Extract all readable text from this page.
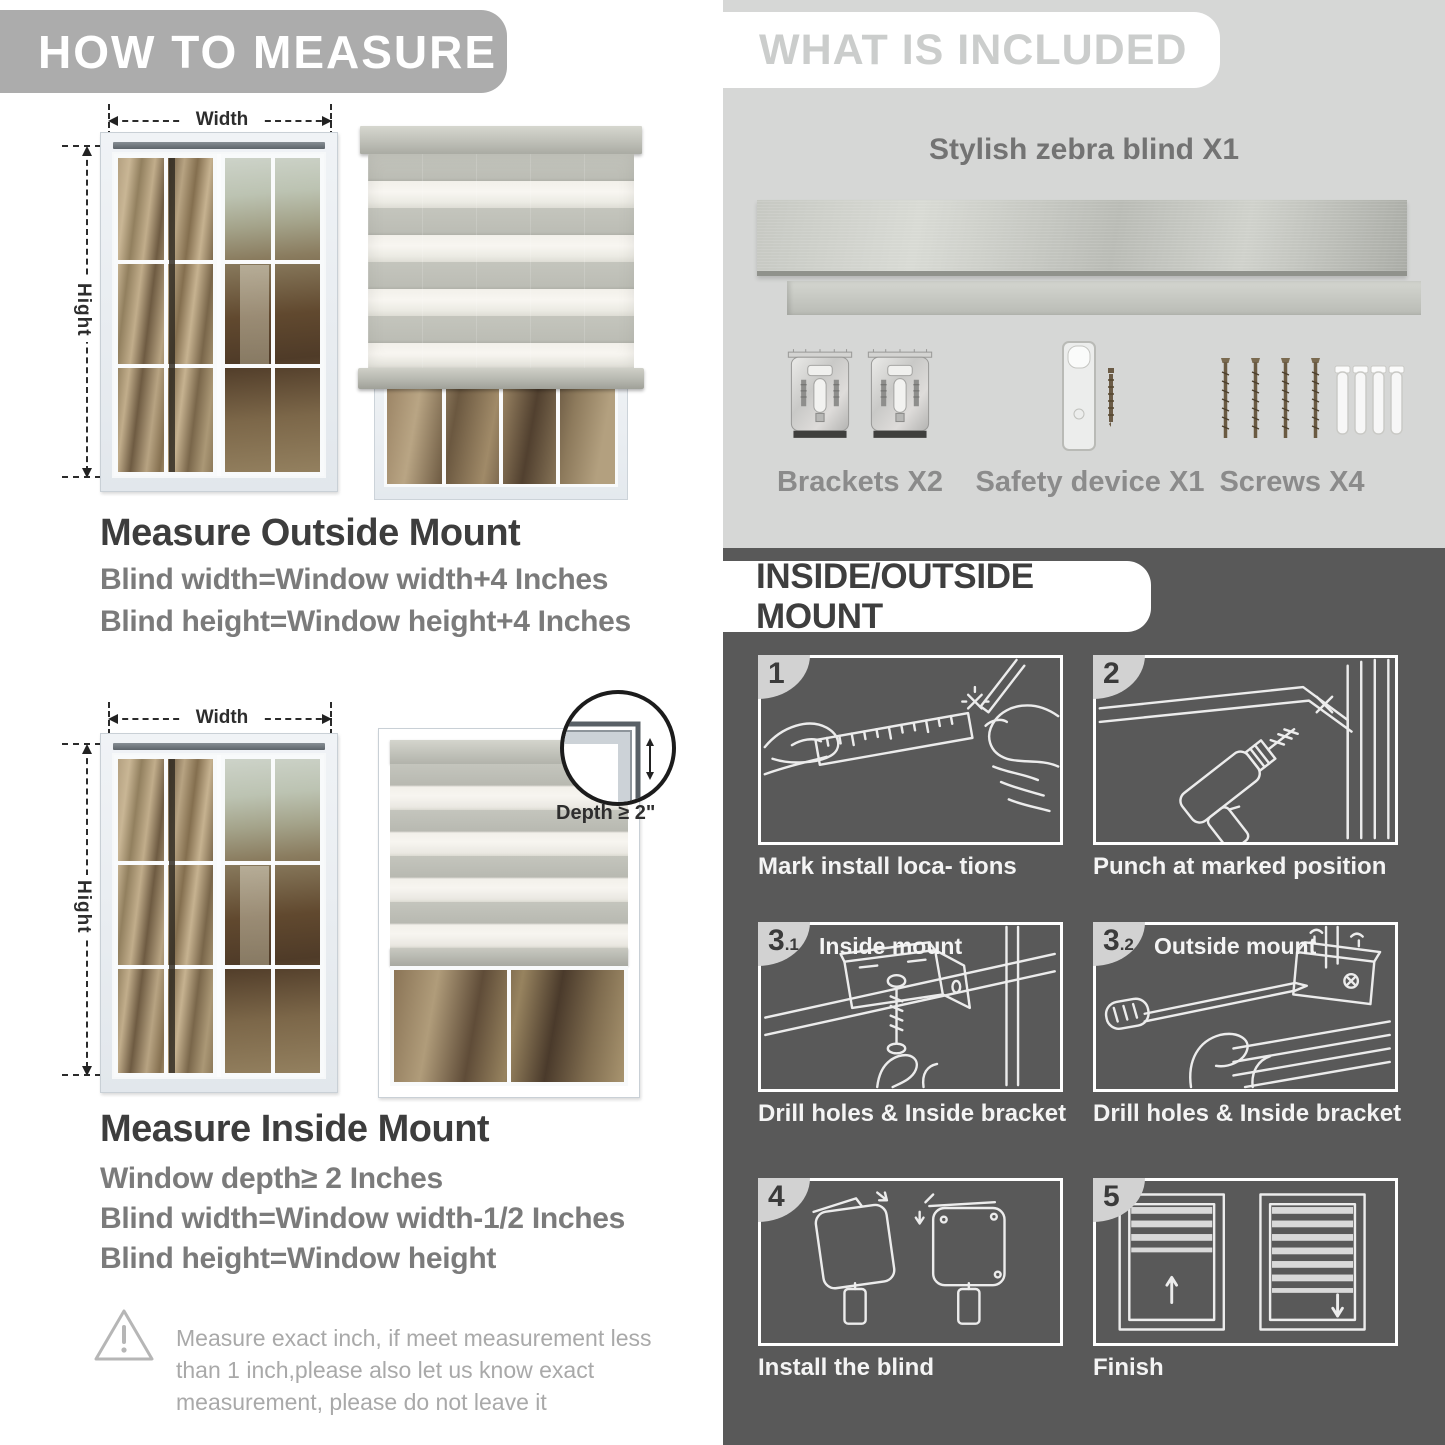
HOW TO MEASURE
Width
Hight
Measure Outside Mount
Blind width=Window width+4 Inches
Blind height=Window height+4 Inches
Width
Hight
Depth ≥ 2"
Measure Inside Mount
Window depth≥ 2 Inches
Blind width=Window width-1/2 Inches
Blind height=Window height
Measure exact inch, if meet measurement less
than 1 inch,please also let us know exact
measurement, please do not leave it
WHAT IS INCLUDED
Stylish zebra blind X1
Brackets X2	Safety device X1 Screws X4
INSIDE/OUTSIDE MOUNT
1
Mark install loca- tions
2
Punch at marked position
3.1 Inside mount
Drill holes & Inside bracket
3.2 Outside mount
Drill holes & Inside bracket
4
Install the blind
5
Finish
